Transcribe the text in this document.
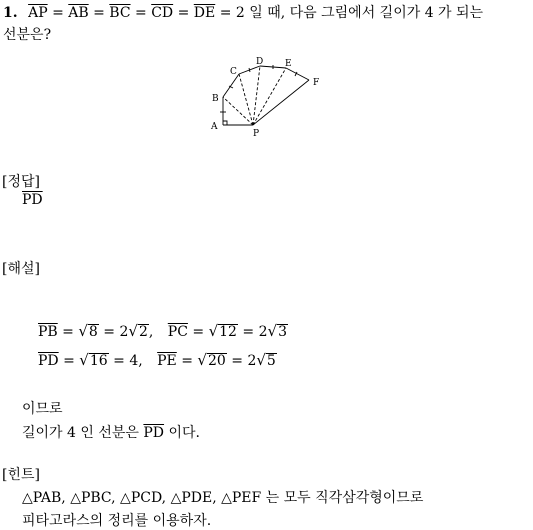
1. $\overline{AP} = \overline{AB} = \overline{BC} = \overline{CD} = \overline{DE} = 2$ 일 때, 다음 그림에서 길이가 4 가 되는
선분은?
A
B
C
D E
F
P
[정답]
$\overline{PD}$
[해설]
$\overline{PB} = √8 = 2√2$, $\overline{PC} = √12 = 2√3$
$\overline{PD} = √16 = 4$, $\overline{PE} = √20 = 2√5$
이므로
길이가 4 인 선분은 $\overline{PD}$ 이다.
[힌트]
△PAB, △PBC, △PCD, △PDE, △PEF 는 모두 직각삼각형이므로
피타고라스의 정리를 이용하자.
